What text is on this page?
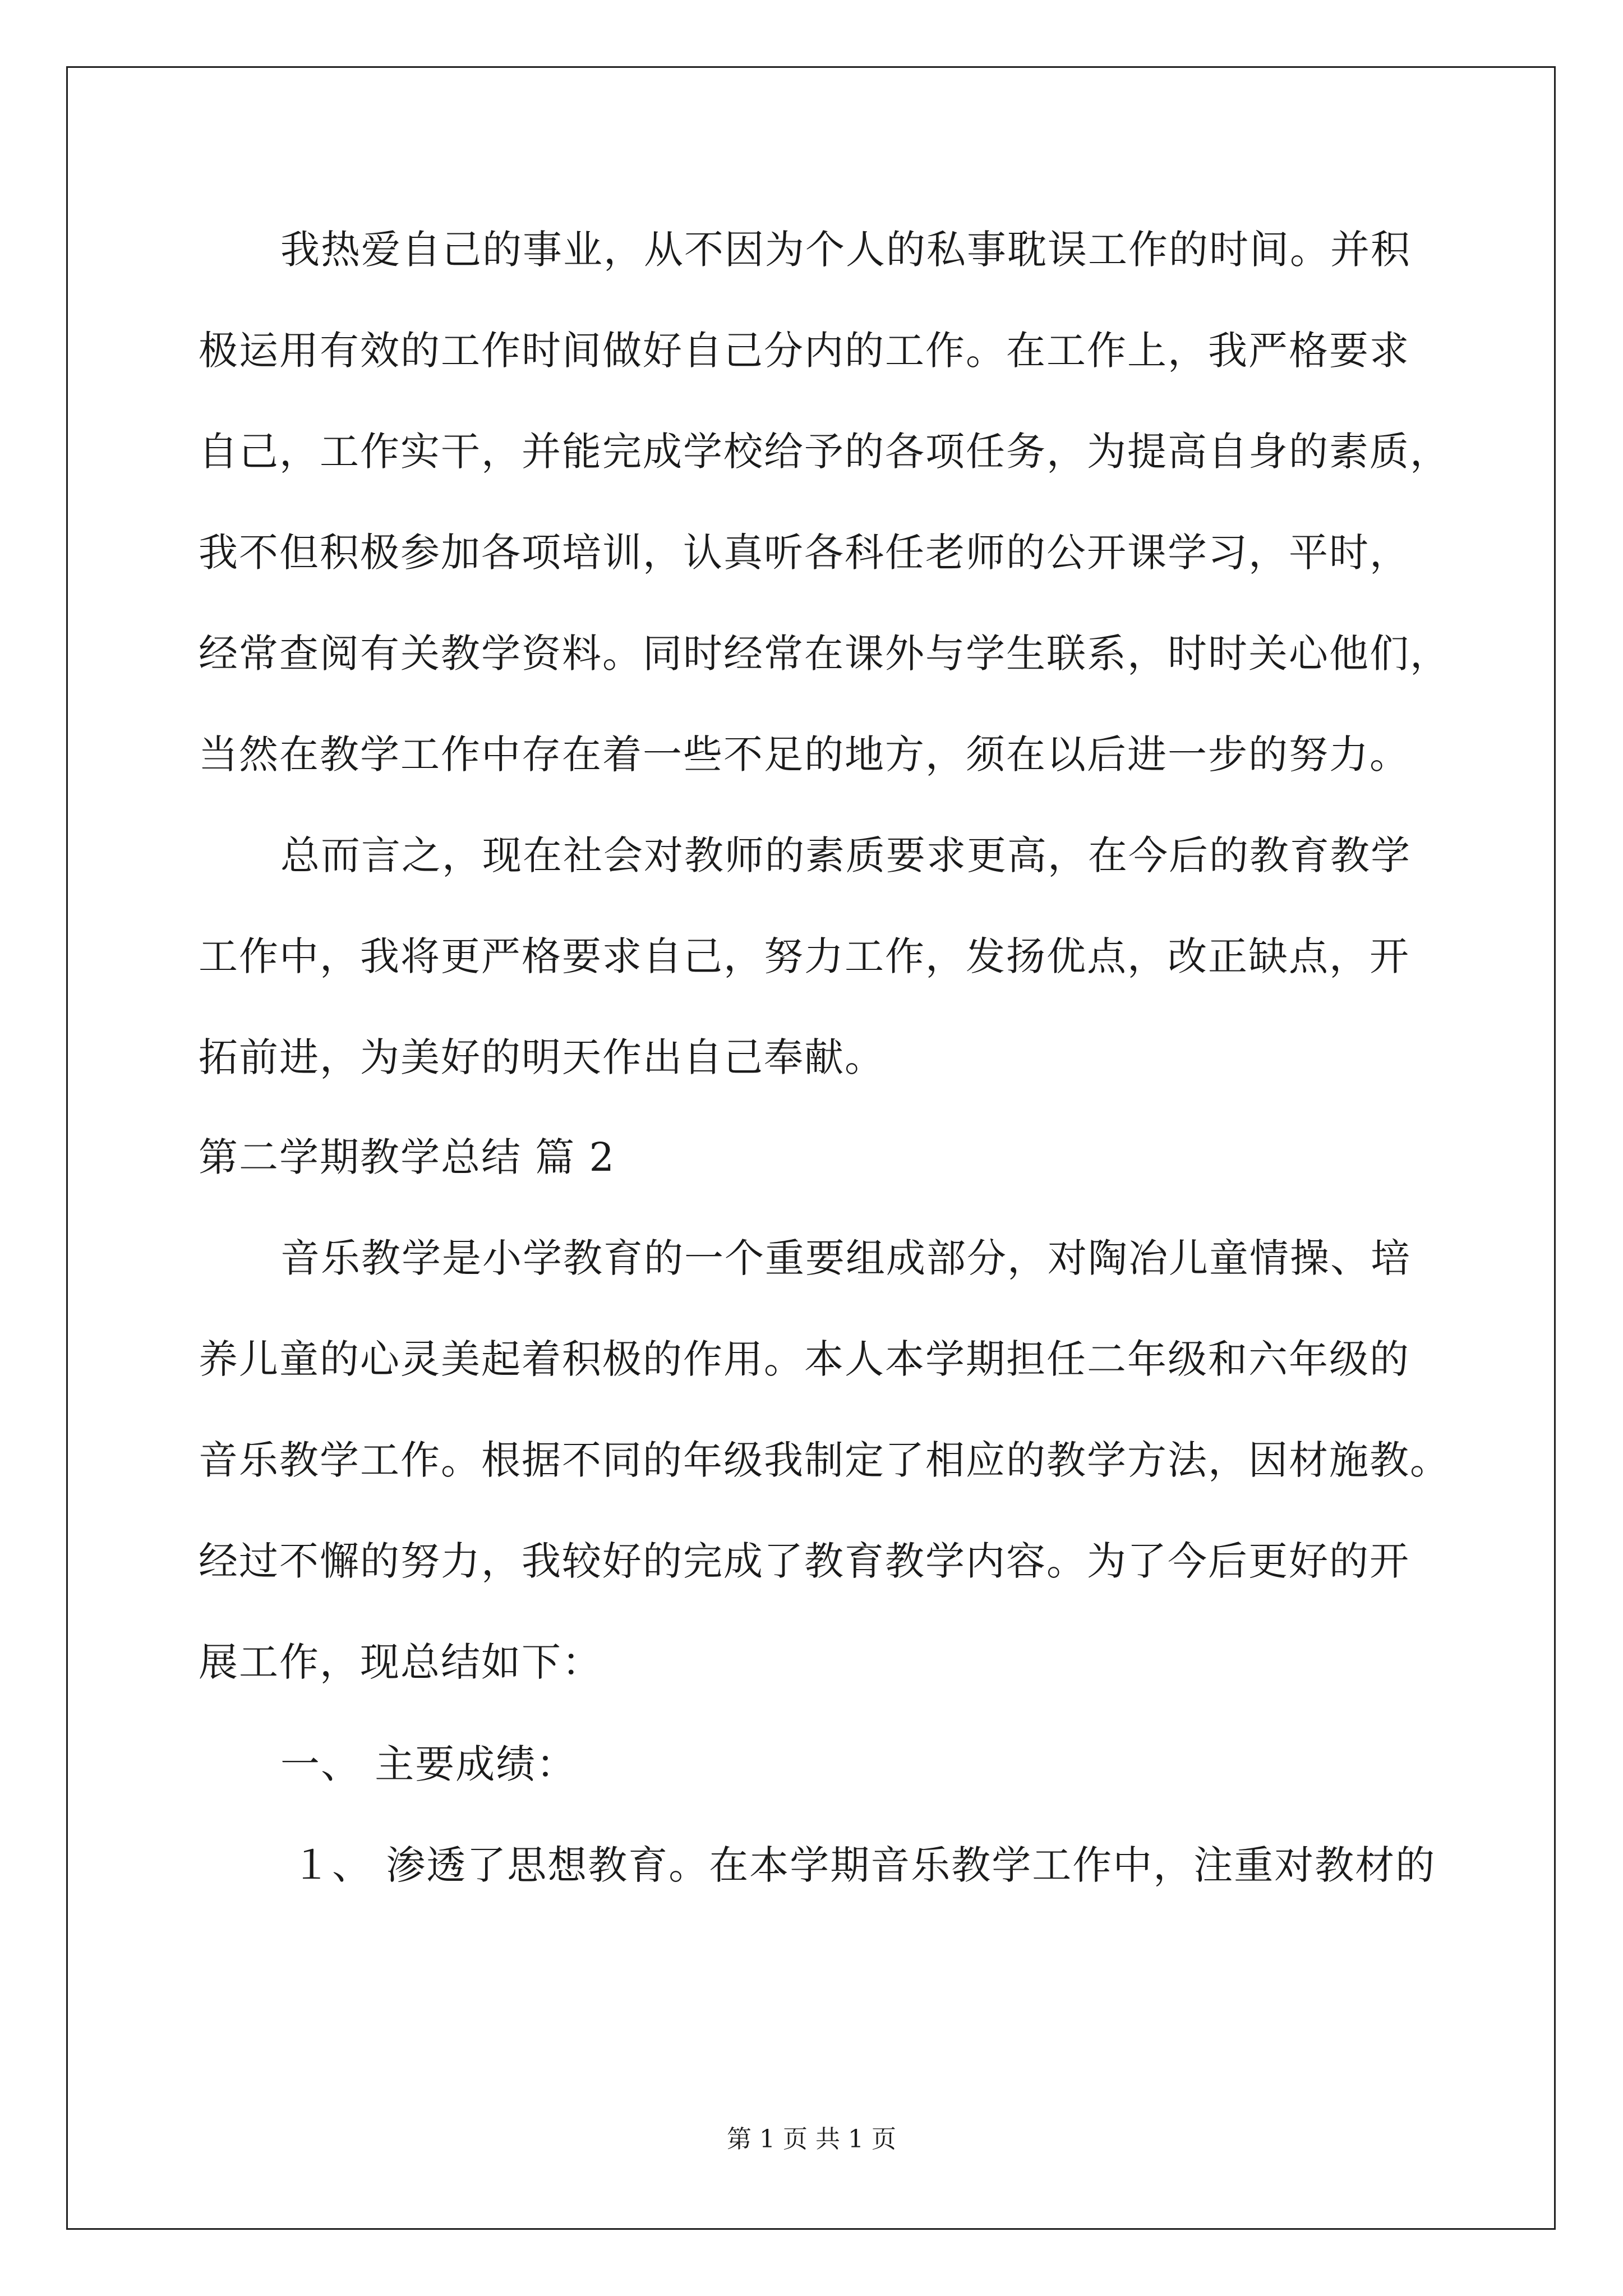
我热爱自己的事业，从不因为个人的私事耽误工作的时间。并积
极运用有效的工作时间做好自己分内的工作。在工作上，我严格要求
自己，工作实干，并能完成学校给予的各项任务，为提高自身的素质，
我不但积极参加各项培训，认真听各科任老师的公开课学习，平时，
经常查阅有关教学资料。同时经常在课外与学生联系，时时关心他们，
当然在教学工作中存在着一些不足的地方，须在以后进一步的努力。
总而言之，现在社会对教师的素质要求更高，在今后的教育教学
工作中，我将更严格要求自己，努力工作，发扬优点，改正缺点，开
拓前进，为美好的明天作出自己奉献。
第二学期教学总结 篇 2
音乐教学是小学教育的一个重要组成部分，对陶冶儿童情操、培
养儿童的心灵美起着积极的作用。本人本学期担任二年级和六年级的
音乐教学工作。根据不同的年级我制定了相应的教学方法，因材施教。
经过不懈的努力，我较好的完成了教育教学内容。为了今后更好的开
展工作，现总结如下：
一、 主要成绩：
１、 渗透了思想教育。在本学期音乐教学工作中，注重对教材的
第 1 页 共 1 页
